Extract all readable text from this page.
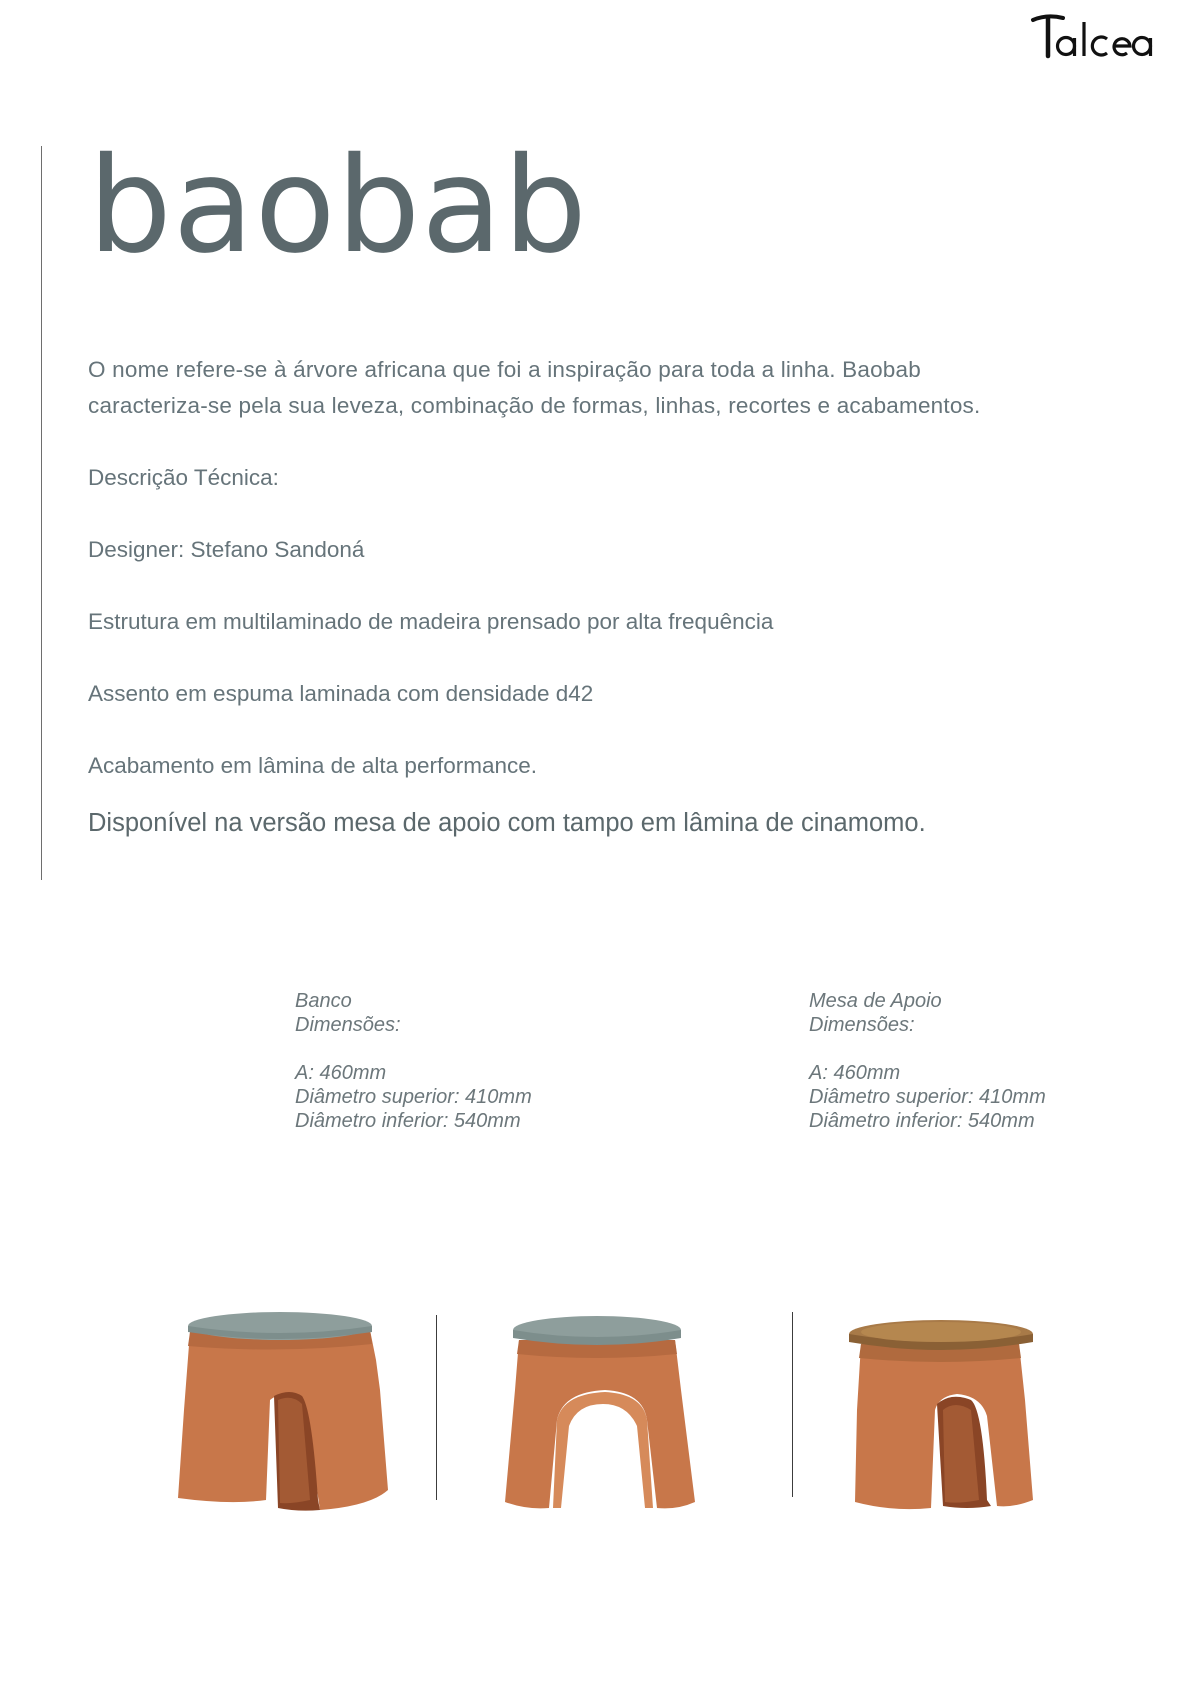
baobab
O nome refere-se à árvore africana que foi a inspiração para toda a linha. Baobab
caracteriza-se pela sua leveza, combinação de formas, linhas, recortes e acabamentos.
Descrição Técnica:
Designer: Stefano Sandoná
Estrutura em multilaminado de madeira prensado por alta frequência
Assento em espuma laminada com densidade d42
Acabamento em lâmina de alta performance.
Disponível na versão mesa de apoio com tampo em lâmina de cinamomo.
Banco
Dimensões:
A: 460mm
Diâmetro superior: 410mm
Diâmetro inferior: 540mm
Mesa de Apoio
Dimensões:
A: 460mm
Diâmetro superior: 410mm
Diâmetro inferior: 540mm
